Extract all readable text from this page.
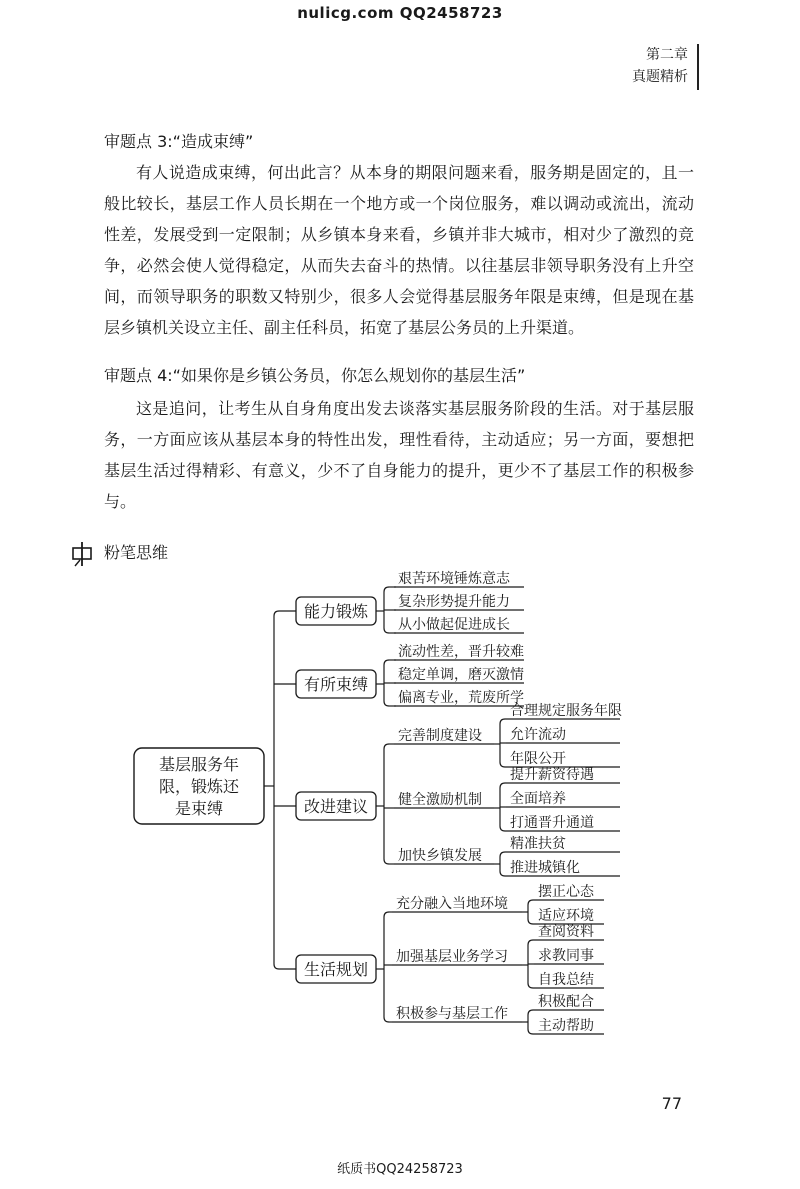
nulicg.com QQ2458723
第二章
真题精析
审题点 3:“造成束缚”
有人说造成束缚，何出此言？从本身的期限问题来看，服务期是固定的，且一般比较长，基层工作人员长期在一个地方或一个岗位服务，难以调动或流出，流动性差，发展受到一定限制；从乡镇本身来看，乡镇并非大城市，相对少了激烈的竞争，必然会使人觉得稳定，从而失去奋斗的热情。以往基层非领导职务没有上升空间，而领导职务的职数又特别少，很多人会觉得基层服务年限是束缚，但是现在基层乡镇机关设立主任、副主任科员，拓宽了基层公务员的上升渠道。
审题点 4:“如果你是乡镇公务员，你怎么规划你的基层生活”
这是追问，让考生从自身角度出发去谈落实基层服务阶段的生活。对于基层服务，一方面应该从基层本身的特性出发，理性看待，主动适应；另一方面，要想把基层生活过得精彩、有意义，少不了自身能力的提升，更少不了基层工作的积极参与。
粉笔思维
基层服务年
限，锻炼还
是束缚
能力锻炼
艰苦环境锤炼意志
复杂形势提升能力
从小做起促进成长
有所束缚
流动性差，晋升较难
稳定单调，磨灭激情
偏离专业，荒废所学
改进建议
完善制度建设
合理规定服务年限
允许流动
年限公开
健全激励机制
提升薪资待遇
全面培养
打通晋升通道
加快乡镇发展
精准扶贫
推进城镇化
生活规划
充分融入当地环境
摆正心态
适应环境
加强基层业务学习
查阅资料
求教同事
自我总结
积极参与基层工作
积极配合
主动帮助
77
纸质书QQ24258723
